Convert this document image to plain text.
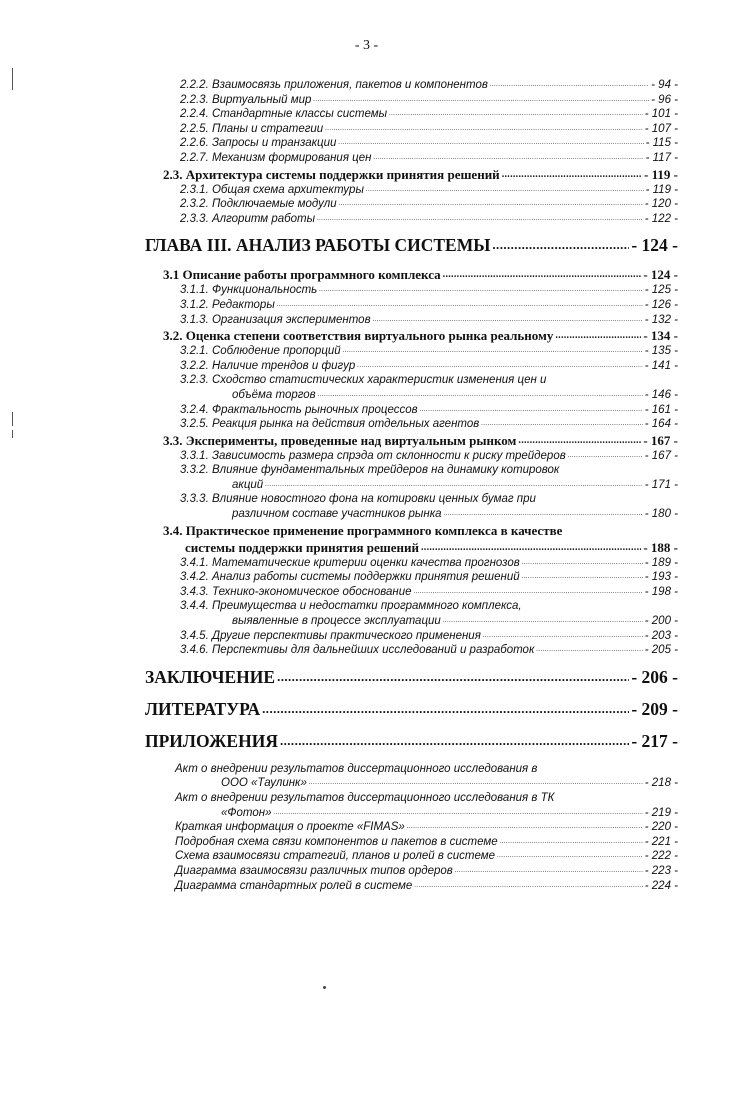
- 3 -
2.2.2. Взаимосвязь приложения, пакетов и компонентов .....	- 94 -
2.2.3. Виртуальный мир .....	- 96 -
2.2.4. Стандартные классы системы .....	- 101 -
2.2.5. Планы и стратегии .....	- 107 -
2.2.6. Запросы и транзакции .....	- 115 -
2.2.7. Механизм формирования цен .....	- 117 -
2.3. Архитектура системы поддержки принятия решений .....	- 119 -
2.3.1. Общая схема архитектуры .....	- 119 -
2.3.2. Подключаемые модули .....	- 120 -
2.3.3. Алгоритм работы .....	- 122 -
ГЛАВА III. АНАЛИЗ РАБОТЫ СИСТЕМЫ .....	- 124 -
3.1 Описание работы программного комплекса .....	- 124 -
3.1.1. Функциональность .....	- 125 -
3.1.2. Редакторы .....	- 126 -
3.1.3. Организация экспериментов .....	- 132 -
3.2. Оценка степени соответствия виртуального рынка реальному .....	- 134 -
3.2.1. Соблюдение пропорций .....	- 135 -
3.2.2. Наличие трендов и фигур .....	- 141 -
3.2.3. Сходство статистических характеристик изменения цен и
объёма торгов .....	- 146 -
3.2.4. Фрактальность рыночных процессов .....	- 161 -
3.2.5. Реакция рынка на действия отдельных агентов .....	- 164 -
3.3. Эксперименты, проведенные над виртуальным рынком .....	- 167 -
3.3.1. Зависимость размера спрэда от склонности к риску трейдеров .....	- 167 -
3.3.2. Влияние фундаментальных трейдеров на динамику котировок
акций .....	- 171 -
3.3.3. Влияние новостного фона на котировки ценных бумаг при
различном составе участников рынка .....	- 180 -
3.4. Практическое применение программного комплекса в качестве
системы поддержки принятия решений .....	- 188 -
3.4.1. Математические критерии оценки качества прогнозов .....	- 189 -
3.4.2. Анализ работы системы поддержки принятия решений .....	- 193 -
3.4.3. Технико-экономическое обоснование .....	- 198 -
3.4.4. Преимущества и недостатки программного комплекса,
выявленные в процессе эксплуатации .....	- 200 -
3.4.5. Другие перспективы практического применения .....	- 203 -
3.4.6. Перспективы для дальнейших исследований и разработок .....	- 205 -
ЗАКЛЮЧЕНИЕ .....	- 206 -
ЛИТЕРАТУРА .....	- 209 -
ПРИЛОЖЕНИЯ .....	- 217 -
Акт о внедрении результатов диссертационного исследования в
ООО «Таулинк» .....	- 218 -
Акт о внедрении результатов диссертационного исследования в ТК
«Фотон» .....	- 219 -
Краткая информация о проекте «FIMAS» .....	- 220 -
Подробная схема связи компонентов и пакетов в системе .....	- 221 -
Схема взаимосвязи стратегий, планов и ролей в системе .....	- 222 -
Диаграмма взаимосвязи различных типов ордеров .....	- 223 -
Диаграмма стандартных ролей в системе .....	- 224 -
